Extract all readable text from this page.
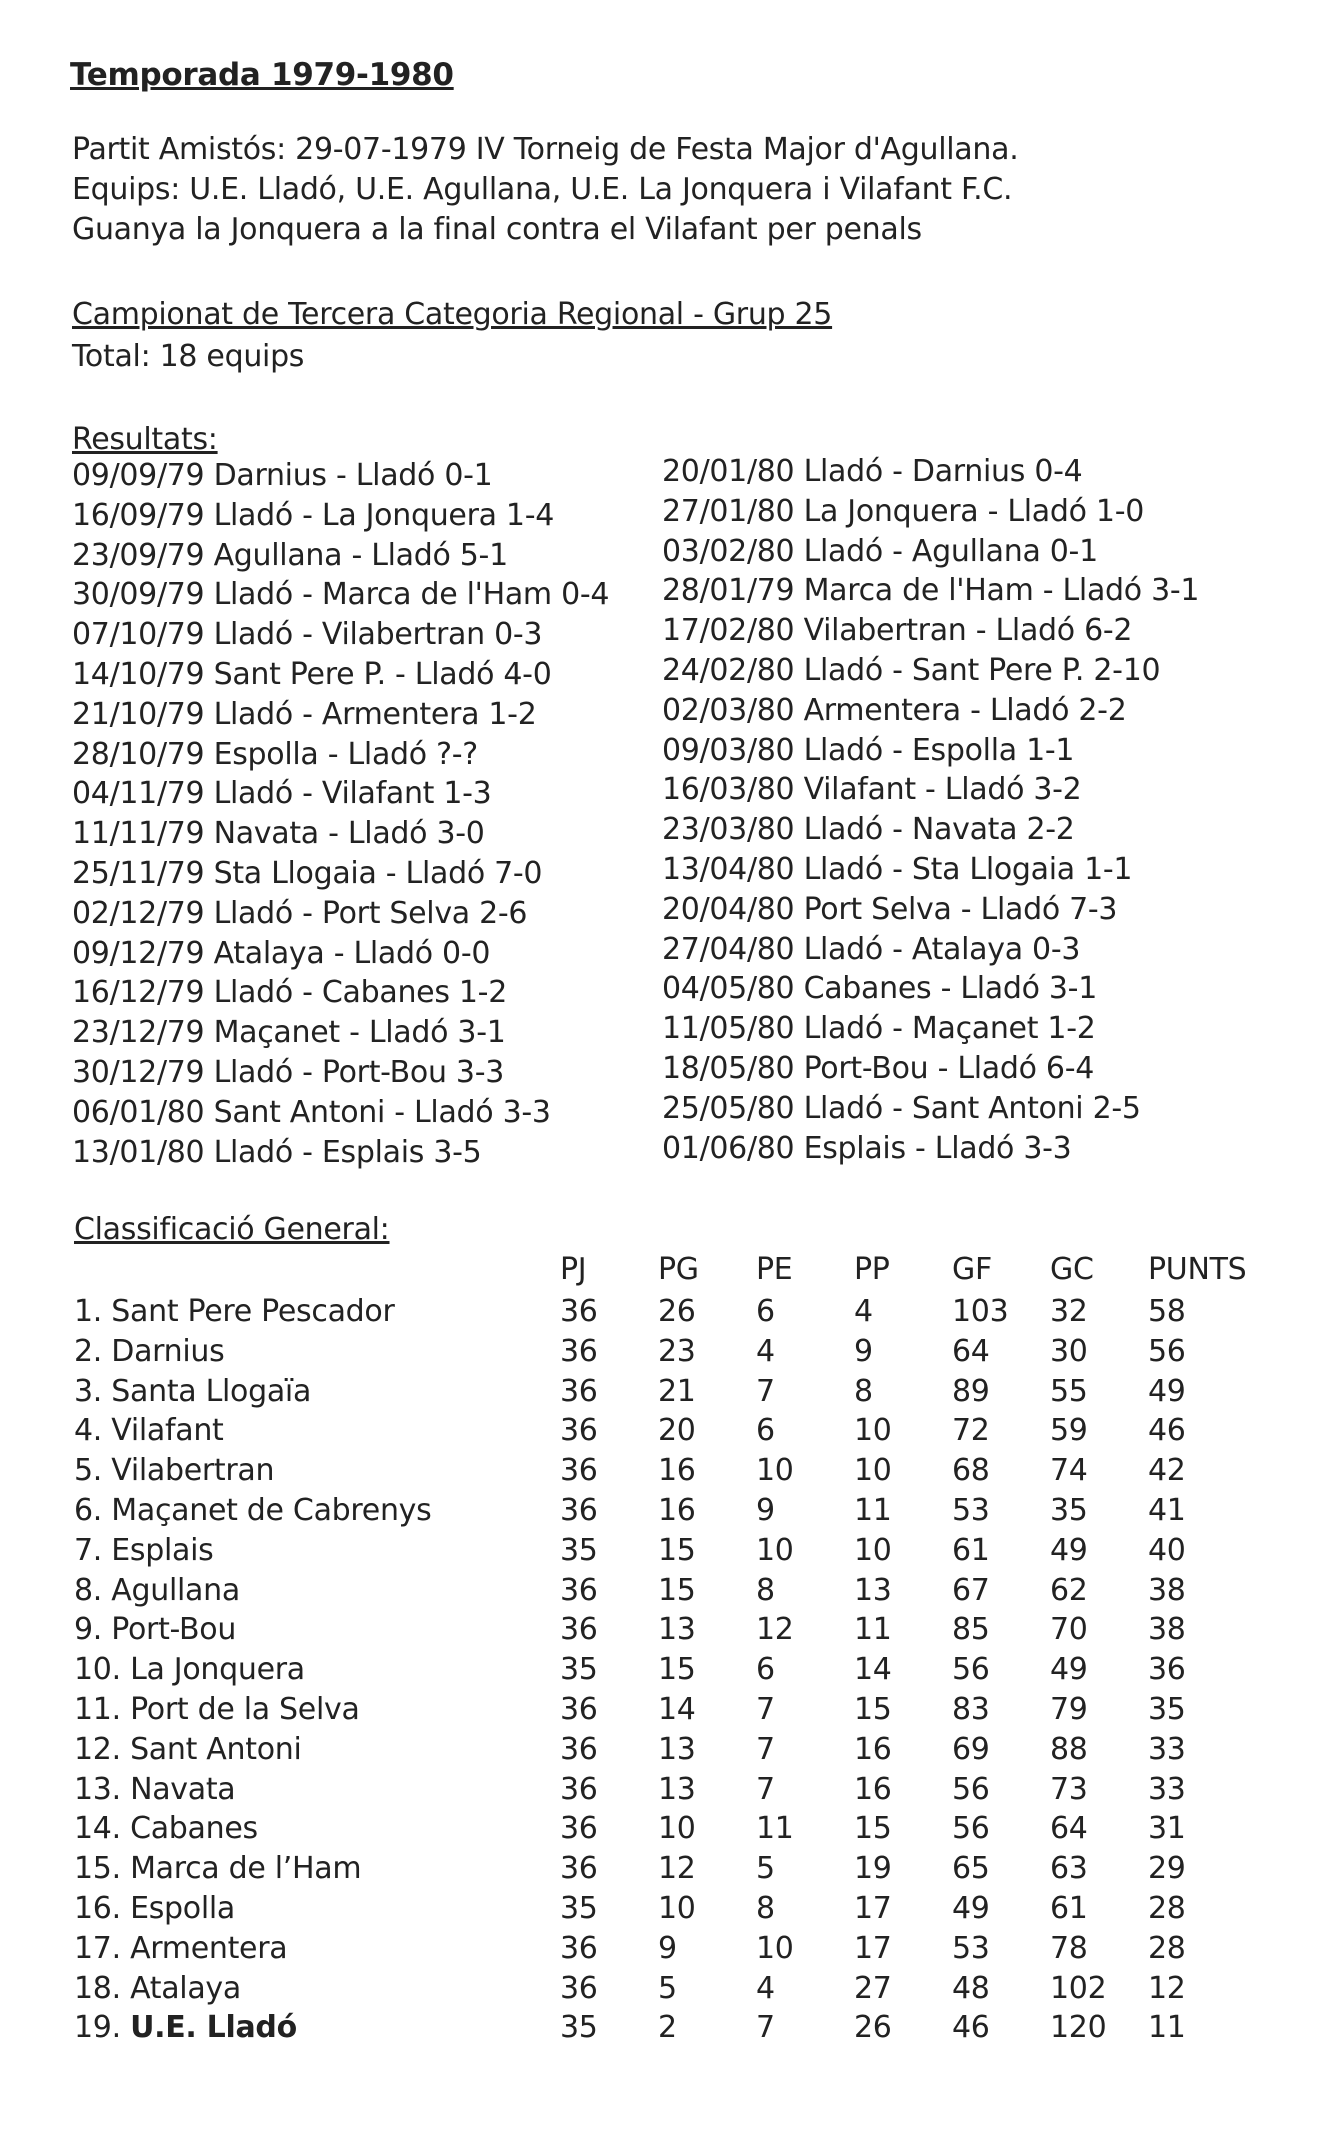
Temporada 1979-1980
Partit Amistós: 29-07-1979 IV Torneig de Festa Major d'Agullana.
Equips: U.E. Lladó, U.E. Agullana, U.E. La Jonquera i Vilafant F.C.
Guanya la Jonquera a la final contra el Vilafant per penals
Campionat de Tercera Categoria Regional - Grup 25
Total: 18 equips
Resultats:
09/09/79 Darnius - Lladó 0-1
16/09/79 Lladó - La Jonquera 1-4
23/09/79 Agullana - Lladó 5-1
30/09/79 Lladó - Marca de l'Ham 0-4
07/10/79 Lladó - Vilabertran 0-3
14/10/79 Sant Pere P. - Lladó 4-0
21/10/79 Lladó - Armentera 1-2
28/10/79 Espolla - Lladó ?-?
04/11/79 Lladó - Vilafant 1-3
11/11/79 Navata - Lladó 3-0
25/11/79 Sta Llogaia - Lladó 7-0
02/12/79 Lladó - Port Selva 2-6
09/12/79 Atalaya - Lladó 0-0
16/12/79 Lladó - Cabanes 1-2
23/12/79 Maçanet - Lladó 3-1
30/12/79 Lladó - Port-Bou 3-3
06/01/80 Sant Antoni - Lladó 3-3
13/01/80 Lladó - Esplais 3-5
20/01/80 Lladó - Darnius 0-4
27/01/80 La Jonquera - Lladó 1-0
03/02/80 Lladó - Agullana 0-1
28/01/79 Marca de l'Ham - Lladó 3-1
17/02/80 Vilabertran - Lladó 6-2
24/02/80 Lladó - Sant Pere P. 2-10
02/03/80 Armentera - Lladó 2-2
09/03/80 Lladó - Espolla 1-1
16/03/80 Vilafant - Lladó 3-2
23/03/80 Lladó - Navata 2-2
13/04/80 Lladó - Sta Llogaia 1-1
20/04/80 Port Selva - Lladó 7-3
27/04/80 Lladó - Atalaya 0-3
04/05/80 Cabanes - Lladó 3-1
11/05/80 Lladó - Maçanet 1-2
18/05/80 Port-Bou - Lladó 6-4
25/05/80 Lladó - Sant Antoni 2-5
01/06/80 Esplais - Lladó 3-3
Classificació General:
	PJ	PG	PE	PP	GF	GC	PUNTS
1. Sant Pere Pescador	36	26	6	4	103	32	58
2. Darnius	36	23	4	9	64	30	56
3. Santa Llogaïa	36	21	7	8	89	55	49
4. Vilafant	36	20	6	10	72	59	46
5. Vilabertran	36	16	10	10	68	74	42
6. Maçanet de Cabrenys	36	16	9	11	53	35	41
7. Esplais	35	15	10	10	61	49	40
8. Agullana	36	15	8	13	67	62	38
9. Port-Bou	36	13	12	11	85	70	38
10. La Jonquera	35	15	6	14	56	49	36
11. Port de la Selva	36	14	7	15	83	79	35
12. Sant Antoni	36	13	7	16	69	88	33
13. Navata	36	13	7	16	56	73	33
14. Cabanes	36	10	11	15	56	64	31
15. Marca de l’Ham	36	12	5	19	65	63	29
16. Espolla	35	10	8	17	49	61	28
17. Armentera	36	9	10	17	53	78	28
18. Atalaya	36	5	4	27	48	102	12
19. U.E. Lladó	35	2	7	26	46	120	11
